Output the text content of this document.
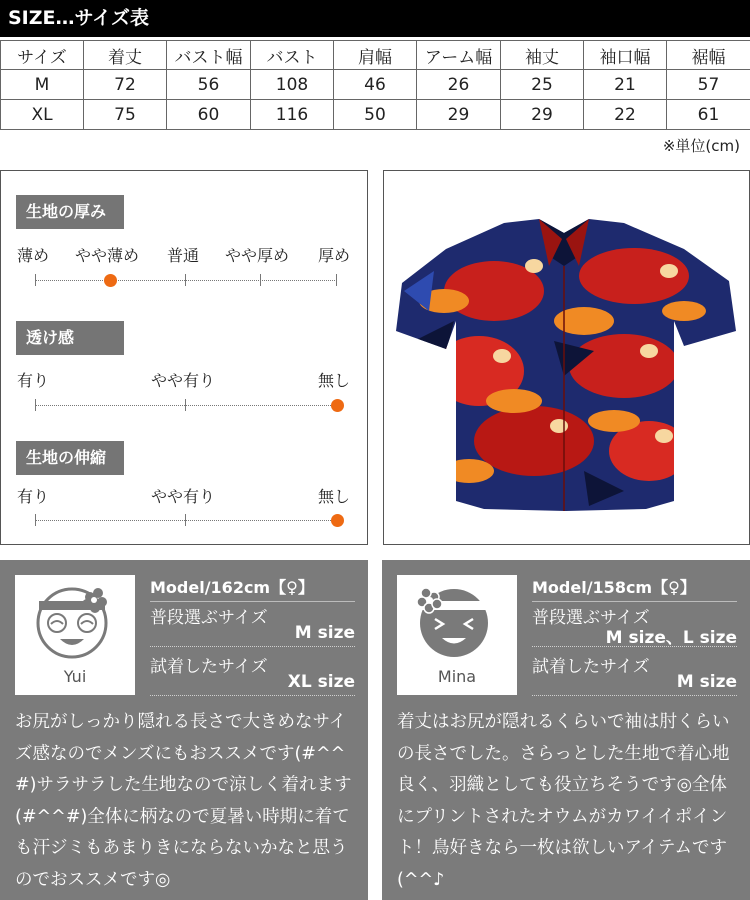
SIZE…サイズ表
サイズ	着丈	バスト幅	バスト	肩幅	アーム幅	袖丈	袖口幅	裾幅
M	72	56	108	46	26	25	21	57
XL	75	60	116	50	29	29	22	61
※単位(cm)
生地の厚み
薄め やや薄め 普通 やや厚め 厚め
透け感
有り	やや有り	無し
生地の伸縮
有り	やや有り	無し
Yui
Model/162cm【♀】
普段選ぶサイズ
M size
試着したサイズ
XL size
お尻がしっかり隠れる長さで大きめなサイズ感なのでメンズにもおススメです(#^^#)サラサラした生地なので涼しく着れます(#^^#)全体に柄なので夏暑い時期に着ても汗ジミもあまりきにならないかなと思うのでおススメです◎
Mina
Model/158cm【♀】
普段選ぶサイズ
M size、L size
試着したサイズ
M size
着丈はお尻が隠れるくらいで袖は肘くらいの長さでした。さらっとした生地で着心地良く、羽織としても役立ちそうです◎全体にプリントされたオウムがカワイイポイント！鳥好きなら一枚は欲しいアイテムです(^^♪
